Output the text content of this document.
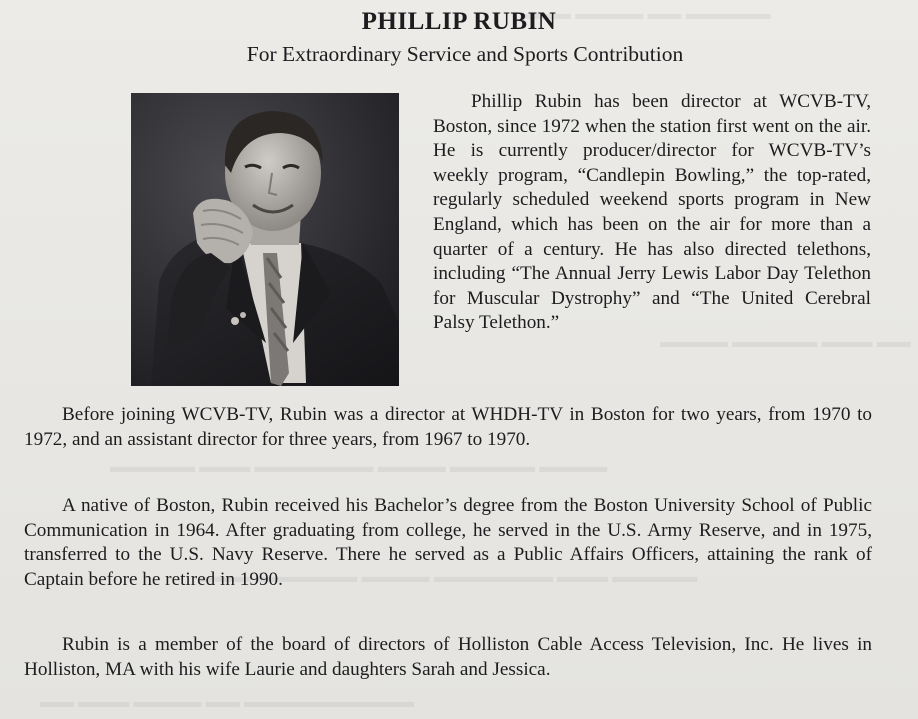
▬▬▬ ▬▬▬▬ ▬▬ ▬▬▬▬▬
▬▬▬▬ ▬▬▬▬▬ ▬▬▬ ▬▬
▬▬▬▬▬ ▬▬▬ ▬▬▬▬▬▬▬ ▬▬▬▬ ▬▬▬▬▬ ▬▬▬▬
▬▬▬ ▬▬▬▬▬▬ ▬▬▬▬ ▬▬▬▬▬▬▬ ▬▬▬ ▬▬▬▬▬
▬▬ ▬▬▬ ▬▬▬▬ ▬▬ ▬▬▬▬▬▬▬▬▬▬
PHILLIP RUBIN
For Extraordinary Service and Sports Contribution

Phillip Rubin has been director at WCVB-TV, Boston, since 1972 when the station first went on the air. He is currently producer/director for WCVB-TV’s weekly program, “Candlepin Bowling,” the top-rated, regularly scheduled weekend sports program in New England, which has been on the air for more than a quarter of a century. He has also directed telethons, including “The Annual Jerry Lewis Labor Day Telethon for Muscular Dystrophy” and “The United Cerebral Palsy Telethon.”

Before joining WCVB-TV, Rubin was a director at WHDH-TV in Boston for two years, from 1970 to 1972, and an assistant director for three years, from 1967 to 1970.

A native of Boston, Rubin received his Bachelor’s degree from the Boston University School of Public Communication in 1964. After graduating from college, he served in the U.S. Army Reserve, and in 1975, transferred to the U.S. Navy Reserve. There he served as a Public Affairs Officers, attaining the rank of Captain before he retired in 1990.

Rubin is a member of the board of directors of Holliston Cable Access Television, Inc. He lives in Holliston, MA with his wife Laurie and daughters Sarah and Jessica.
